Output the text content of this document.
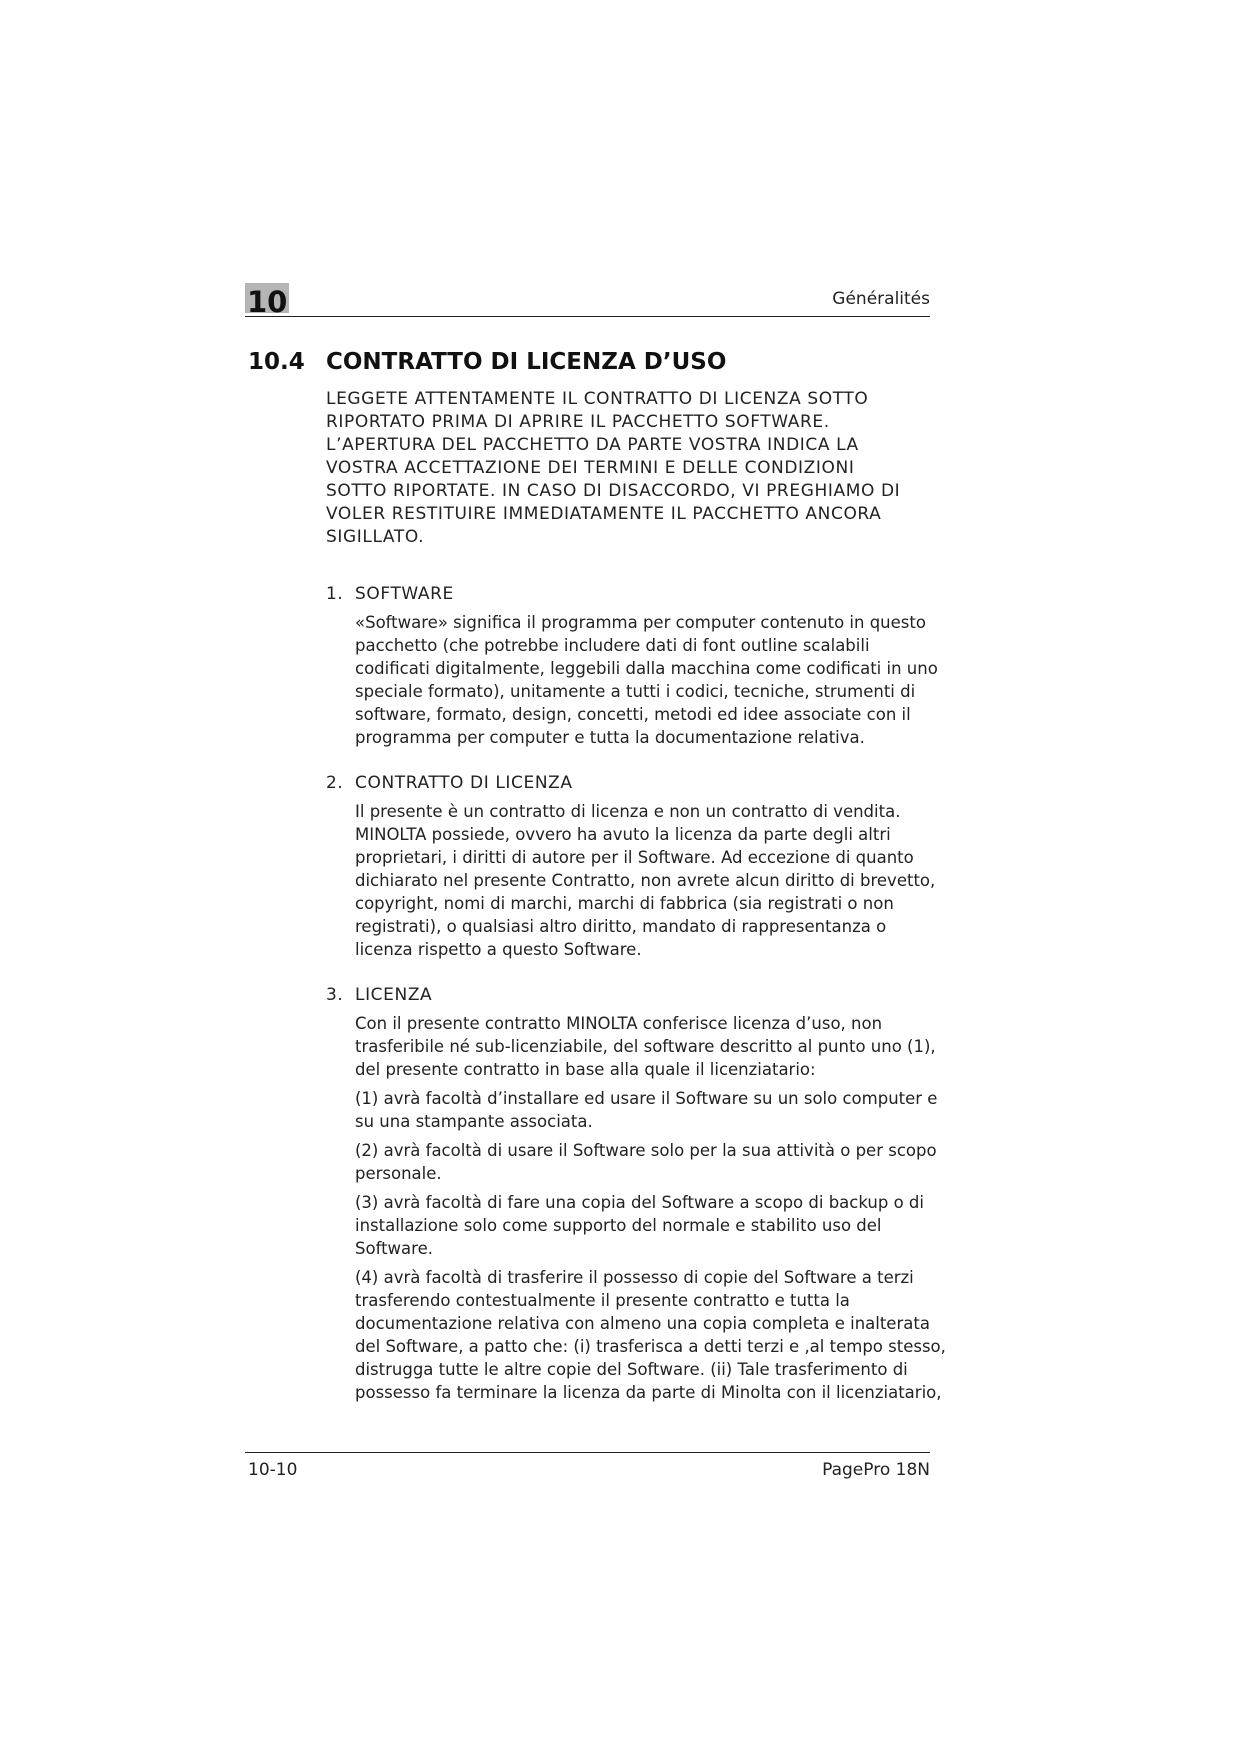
10	Généralités
10.4 CONTRATTO DI LICENZA D’USO
LEGGETE ATTENTAMENTE IL CONTRATTO DI LICENZA SOTTO
RIPORTATO PRIMA DI APRIRE IL PACCHETTO SOFTWARE.
L’APERTURA DEL PACCHETTO DA PARTE VOSTRA INDICA LA
VOSTRA ACCETTAZIONE DEI TERMINI E DELLE CONDIZIONI
SOTTO RIPORTATE. IN CASO DI DISACCORDO, VI PREGHIAMO DI
VOLER RESTITUIRE IMMEDIATAMENTE IL PACCHETTO ANCORA
SIGILLATO.
1. SOFTWARE
«Software» significa il programma per computer contenuto in questo
pacchetto (che potrebbe includere dati di font outline scalabili
codificati digitalmente, leggebili dalla macchina come codificati in uno
speciale formato), unitamente a tutti i codici, tecniche, strumenti di
software, formato, design, concetti, metodi ed idee associate con il
programma per computer e tutta la documentazione relativa.
2. CONTRATTO DI LICENZA
Il presente è un contratto di licenza e non un contratto di vendita.
MINOLTA possiede, ovvero ha avuto la licenza da parte degli altri
proprietari, i diritti di autore per il Software. Ad eccezione di quanto
dichiarato nel presente Contratto, non avrete alcun diritto di brevetto,
copyright, nomi di marchi, marchi di fabbrica (sia registrati o non
registrati), o qualsiasi altro diritto, mandato di rappresentanza o
licenza rispetto a questo Software.
3. LICENZA
Con il presente contratto MINOLTA conferisce licenza d’uso, non
trasferibile né sub-licenziabile, del software descritto al punto uno (1),
del presente contratto in base alla quale il licenziatario:
(1) avrà facoltà d’installare ed usare il Software su un solo computer e
su una stampante associata.
(2) avrà facoltà di usare il Software solo per la sua attività o per scopo
personale.
(3) avrà facoltà di fare una copia del Software a scopo di backup o di
installazione solo come supporto del normale e stabilito uso del
Software.
(4) avrà facoltà di trasferire il possesso di copie del Software a terzi
trasferendo contestualmente il presente contratto e tutta la
documentazione relativa con almeno una copia completa e inalterata
del Software, a patto che: (i) trasferisca a detti terzi e ,al tempo stesso,
distrugga tutte le altre copie del Software. (ii) Tale trasferimento di
possesso fa terminare la licenza da parte di Minolta con il licenziatario,
10-10	PagePro 18N
